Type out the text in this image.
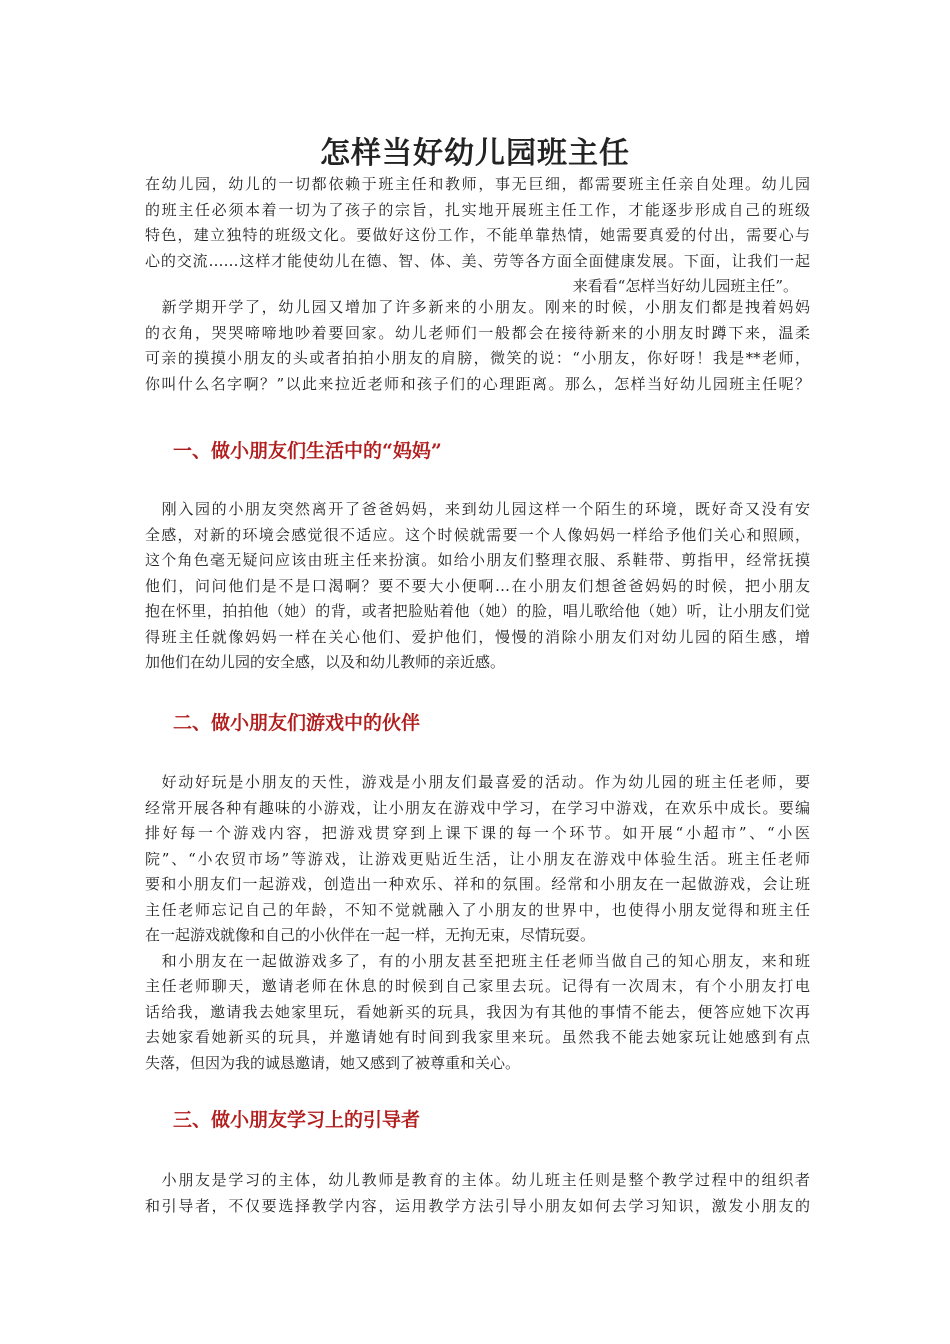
怎样当好幼儿园班主任
在幼儿园，幼儿的一切都依赖于班主任和教师，事无巨细，都需要班主任亲自处理。幼儿园
的班主任必须本着一切为了孩子的宗旨，扎实地开展班主任工作，才能逐步形成自己的班级
特色，建立独特的班级文化。要做好这份工作，不能单靠热情，她需要真爱的付出，需要心与
心的交流……这样才能使幼儿在德、智、体、美、劳等各方面全面健康发展。下面，让我们一起
来看看“怎样当好幼儿园班主任”。
　新学期开学了，幼儿园又增加了许多新来的小朋友。刚来的时候，小朋友们都是拽着妈妈
的衣角，哭哭啼啼地吵着要回家。幼儿老师们一般都会在接待新来的小朋友时蹲下来，温柔
可亲的摸摸小朋友的头或者拍拍小朋友的肩膀，微笑的说：“小朋友，你好呀！我是**老师，
你叫什么名字啊？”以此来拉近老师和孩子们的心理距离。那么，怎样当好幼儿园班主任呢？
一、做小朋友们生活中的“妈妈”
　刚入园的小朋友突然离开了爸爸妈妈，来到幼儿园这样一个陌生的环境，既好奇又没有安
全感，对新的环境会感觉很不适应。这个时候就需要一个人像妈妈一样给予他们关心和照顾，
这个角色毫无疑问应该由班主任来扮演。如给小朋友们整理衣服、系鞋带、剪指甲，经常抚摸
他们，问问他们是不是口渴啊？要不要大小便啊…在小朋友们想爸爸妈妈的时候，把小朋友
抱在怀里，拍拍他（她）的背，或者把脸贴着他（她）的脸，唱儿歌给他（她）听，让小朋友们觉
得班主任就像妈妈一样在关心他们、爱护他们，慢慢的消除小朋友们对幼儿园的陌生感，增
加他们在幼儿园的安全感，以及和幼儿教师的亲近感。
二、做小朋友们游戏中的伙伴
　好动好玩是小朋友的天性，游戏是小朋友们最喜爱的活动。作为幼儿园的班主任老师，要
经常开展各种有趣味的小游戏，让小朋友在游戏中学习，在学习中游戏，在欢乐中成长。要编
排好每一个游戏内容，把游戏贯穿到上课下课的每一个环节。如开展“小超市”、“小医
院”、“小农贸市场”等游戏，让游戏更贴近生活，让小朋友在游戏中体验生活。班主任老师
要和小朋友们一起游戏，创造出一种欢乐、祥和的氛围。经常和小朋友在一起做游戏，会让班
主任老师忘记自己的年龄，不知不觉就融入了小朋友的世界中，也使得小朋友觉得和班主任
在一起游戏就像和自己的小伙伴在一起一样，无拘无束，尽情玩耍。
　和小朋友在一起做游戏多了，有的小朋友甚至把班主任老师当做自己的知心朋友，来和班
主任老师聊天，邀请老师在休息的时候到自己家里去玩。记得有一次周末，有个小朋友打电
话给我，邀请我去她家里玩，看她新买的玩具，我因为有其他的事情不能去，便答应她下次再
去她家看她新买的玩具，并邀请她有时间到我家里来玩。虽然我不能去她家玩让她感到有点
失落，但因为我的诚恳邀请，她又感到了被尊重和关心。
三、做小朋友学习上的引导者
　小朋友是学习的主体，幼儿教师是教育的主体。幼儿班主任则是整个教学过程中的组织者
和引导者，不仅要选择教学内容，运用教学方法引导小朋友如何去学习知识，激发小朋友的
